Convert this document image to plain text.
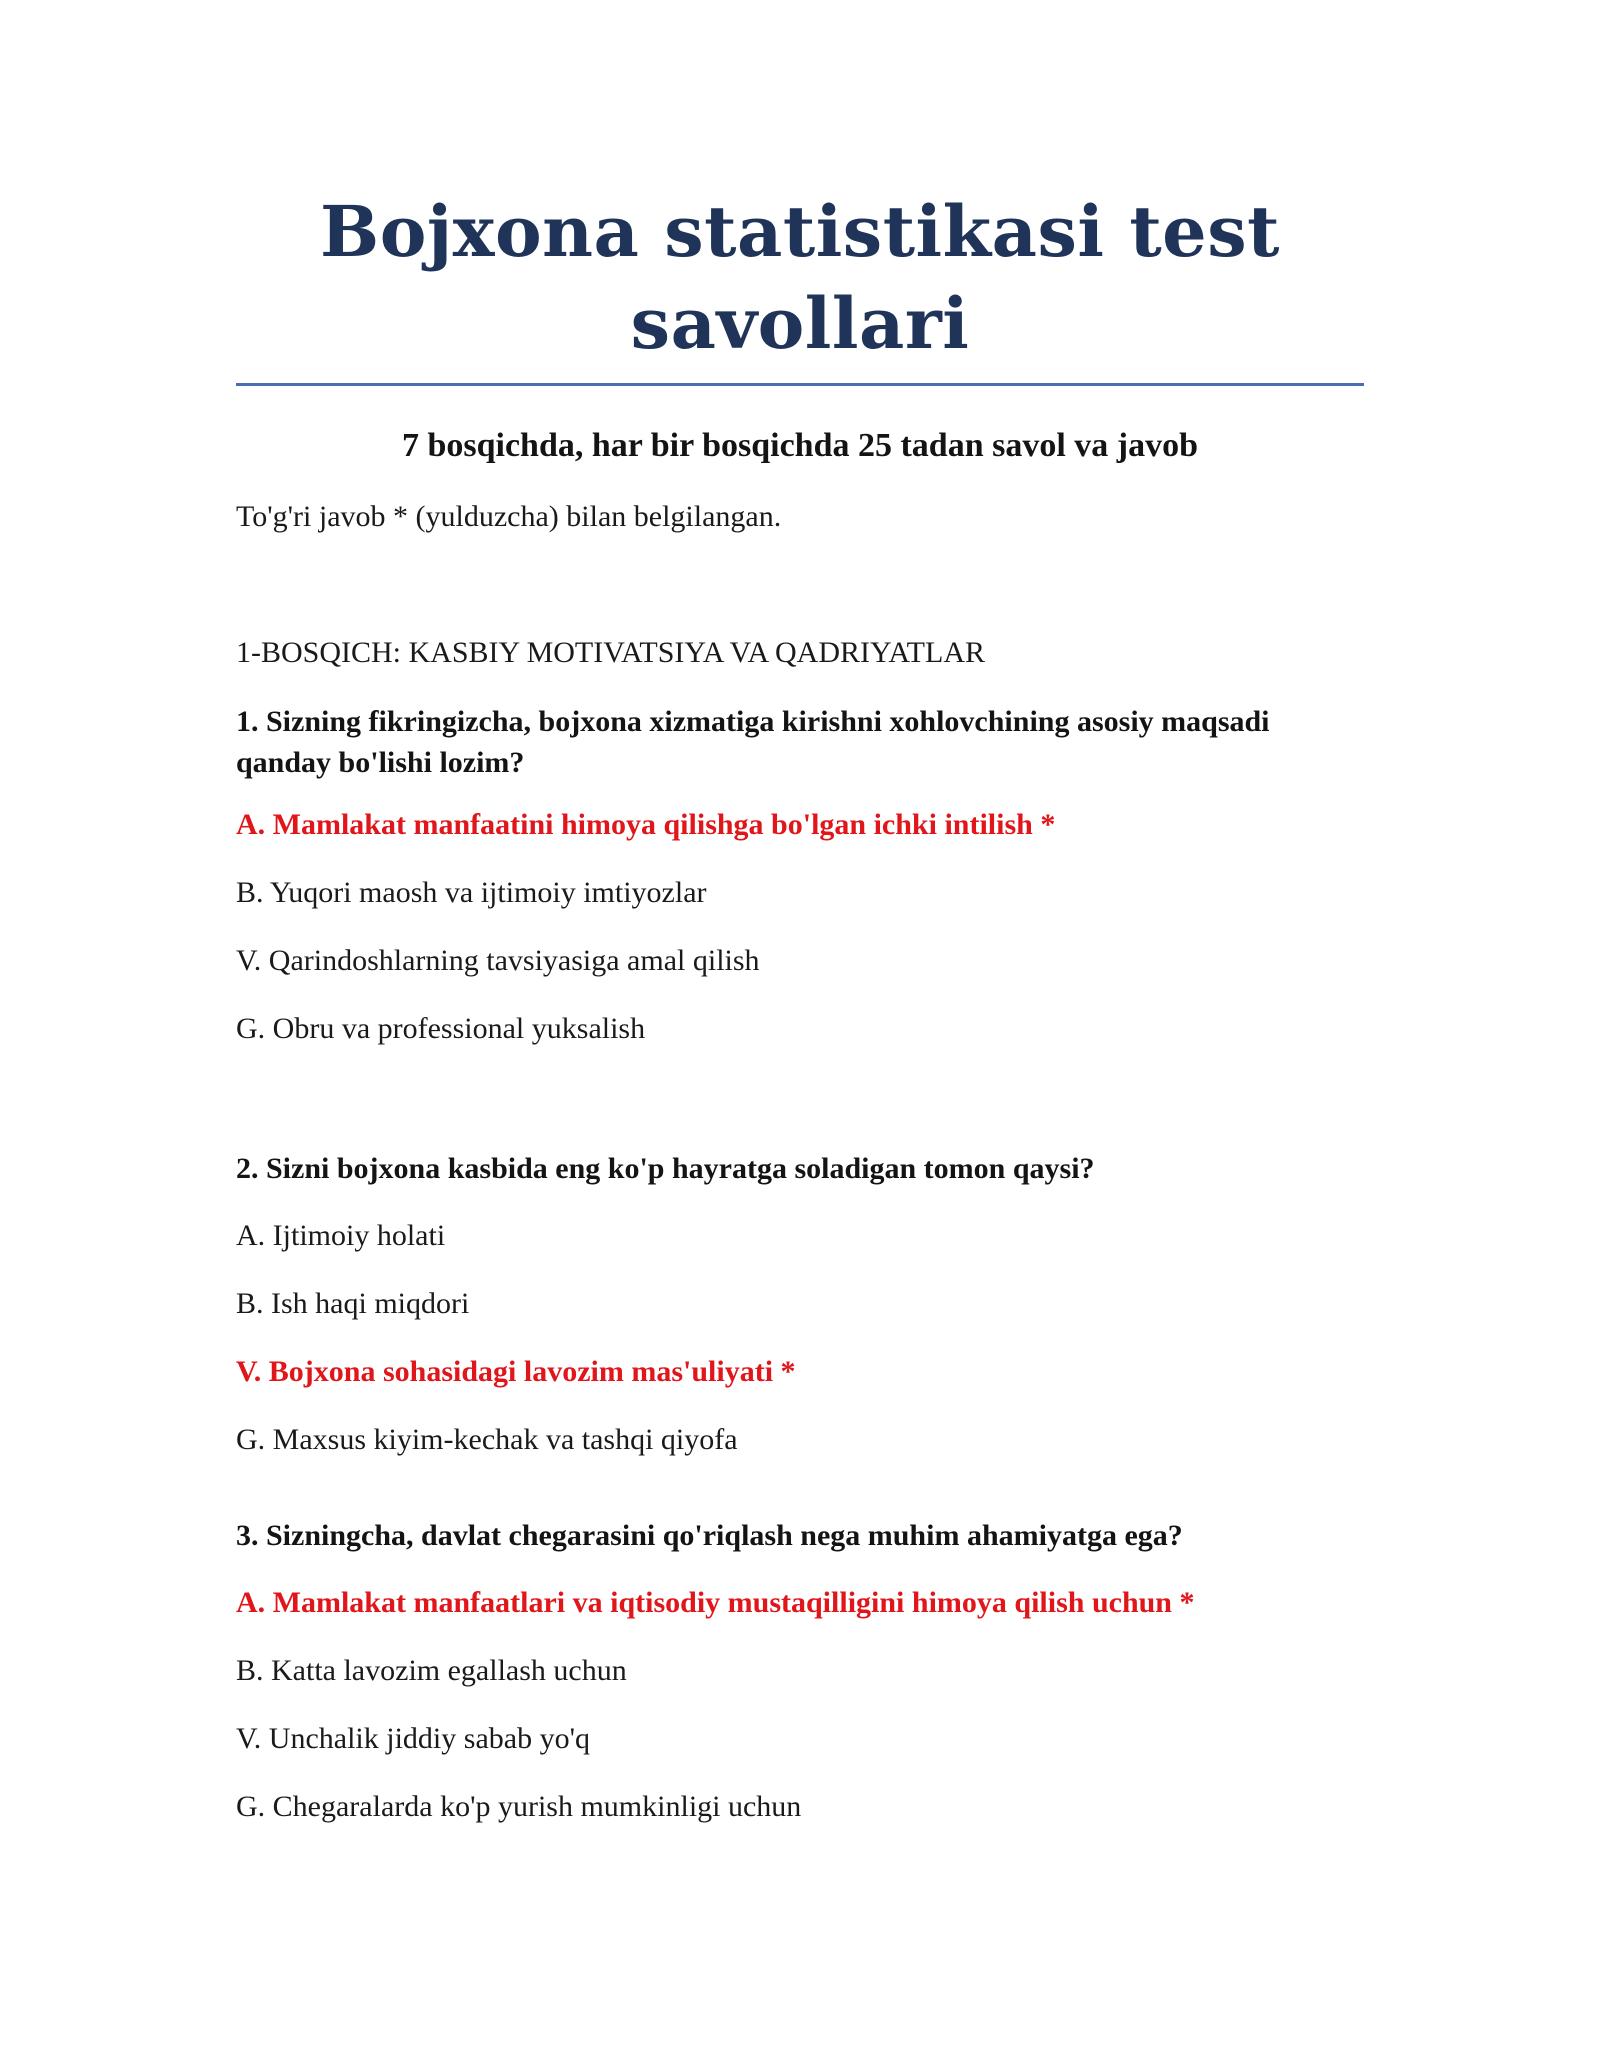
Bojxona statistikasi test
savollari

7 bosqichda, har bir bosqichda 25 tadan savol va javob

To'g'ri javob * (yulduzcha) bilan belgilangan.

1-BOSQICH: KASBIY MOTIVATSIYA VA QADRIYATLAR

1. Sizning fikringizcha, bojxona xizmatiga kirishni xohlovchining asosiy maqsadi
qanday bo'lishi lozim?

A. Mamlakat manfaatini himoya qilishga bo'lgan ichki intilish *

B. Yuqori maosh va ijtimoiy imtiyozlar

V. Qarindoshlarning tavsiyasiga amal qilish

G. Obru va professional yuksalish

2. Sizni bojxona kasbida eng ko'p hayratga soladigan tomon qaysi?

A. Ijtimoiy holati

B. Ish haqi miqdori

V. Bojxona sohasidagi lavozim mas'uliyati *

G. Maxsus kiyim-kechak va tashqi qiyofa

3. Sizningcha, davlat chegarasini qo'riqlash nega muhim ahamiyatga ega?

A. Mamlakat manfaatlari va iqtisodiy mustaqilligini himoya qilish uchun *

B. Katta lavozim egallash uchun

V. Unchalik jiddiy sabab yo'q

G. Chegaralarda ko'p yurish mumkinligi uchun
